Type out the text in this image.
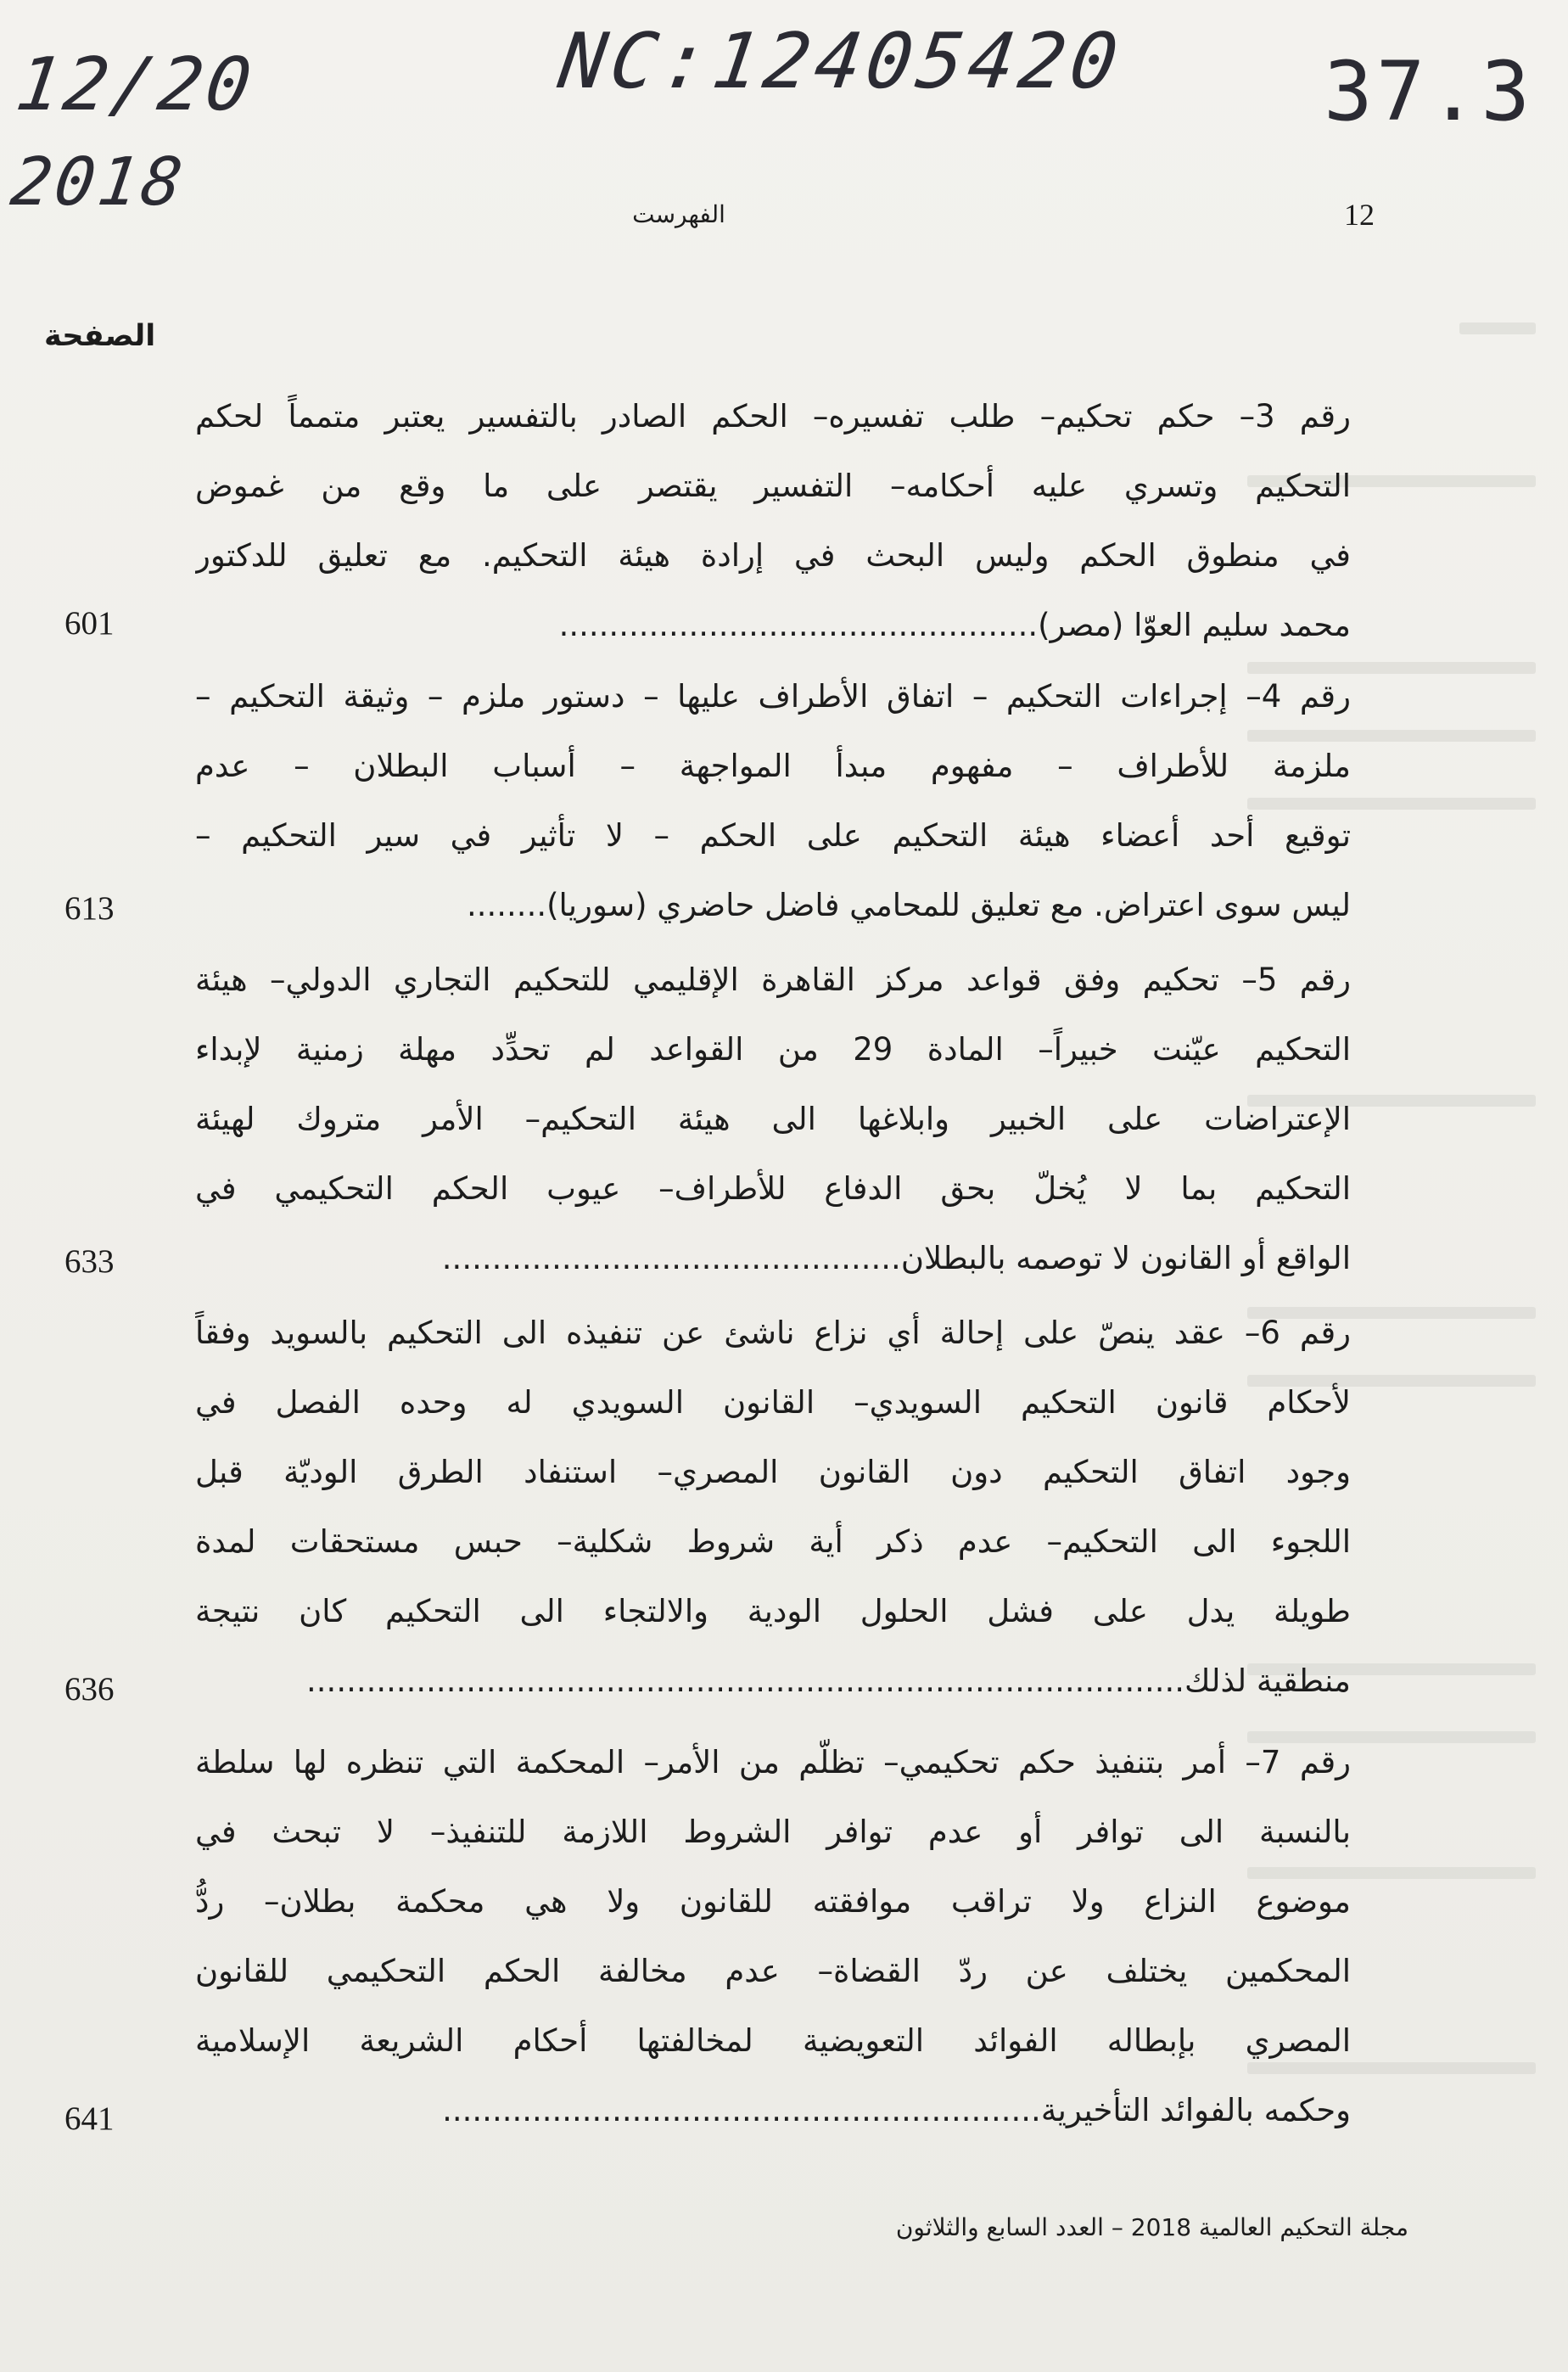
12/20
2018
NC:12405420 37.3
الفهرست	12
الصفحة
رقم 3– حكم تحكيم– طلب تفسيره– الحكم الصادر بالتفسير يعتبر متمماً لحكم
التحكيم وتسري عليه أحكامه– التفسير يقتصر على ما وقع من غموض
في منطوق الحكم وليس البحث في إرادة هيئة التحكيم. مع تعليق للدكتور
محمد سليم العوّا (مصر)................................................
601
رقم 4– إجراءات التحكيم – اتفاق الأطراف عليها – دستور ملزم – وثيقة التحكيم –
ملزمة للأطراف – مفهوم مبدأ المواجهة – أسباب البطلان – عدم
توقيع أحد أعضاء هيئة التحكيم على الحكم – لا تأثير في سير التحكيم –
ليس سوى اعتراض. مع تعليق للمحامي فاضل حاضري (سوريا)........
613
رقم 5– تحكيم وفق قواعد مركز القاهرة الإقليمي للتحكيم التجاري الدولي– هيئة
التحكيم عيّنت خبيراً– المادة 29 من القواعد لم تحدِّد مهلة زمنية لإبداء
الإعتراضات على الخبير وابلاغها الى هيئة التحكيم– الأمر متروك لهيئة
التحكيم بما لا يُخلّ بحق الدفاع للأطراف– عيوب الحكم التحكيمي في
الواقع أو القانون لا توصمه بالبطلان..............................................
633
رقم 6– عقد ينصّ على إحالة أي نزاع ناشئ عن تنفيذه الى التحكيم بالسويد وفقاً
لأحكام قانون التحكيم السويدي– القانون السويدي له وحده الفصل في
وجود اتفاق التحكيم دون القانون المصري– استنفاد الطرق الوديّة قبل
اللجوء الى التحكيم– عدم ذكر أية شروط شكلية– حبس مستحقات لمدة
طويلة يدل على فشل الحلول الودية والالتجاء الى التحكيم كان نتيجة
منطقية لذلك........................................................................................
636
رقم 7– أمر بتنفيذ حكم تحكيمي– تظلّم من الأمر– المحكمة التي تنظره لها سلطة
بالنسبة الى توافر أو عدم توافر الشروط اللازمة للتنفيذ– لا تبحث في
موضوع النزاع ولا تراقب موافقته للقانون ولا هي محكمة بطلان– ردُّ
المحكمين يختلف عن ردّ القضاة– عدم مخالفة الحكم التحكيمي للقانون
المصري بإبطاله الفوائد التعويضية لمخالفتها أحكام الشريعة الإسلامية
وحكمه بالفوائد التأخيرية............................................................
641
مجلة التحكيم العالمية 2018 – العدد السابع والثلاثون
